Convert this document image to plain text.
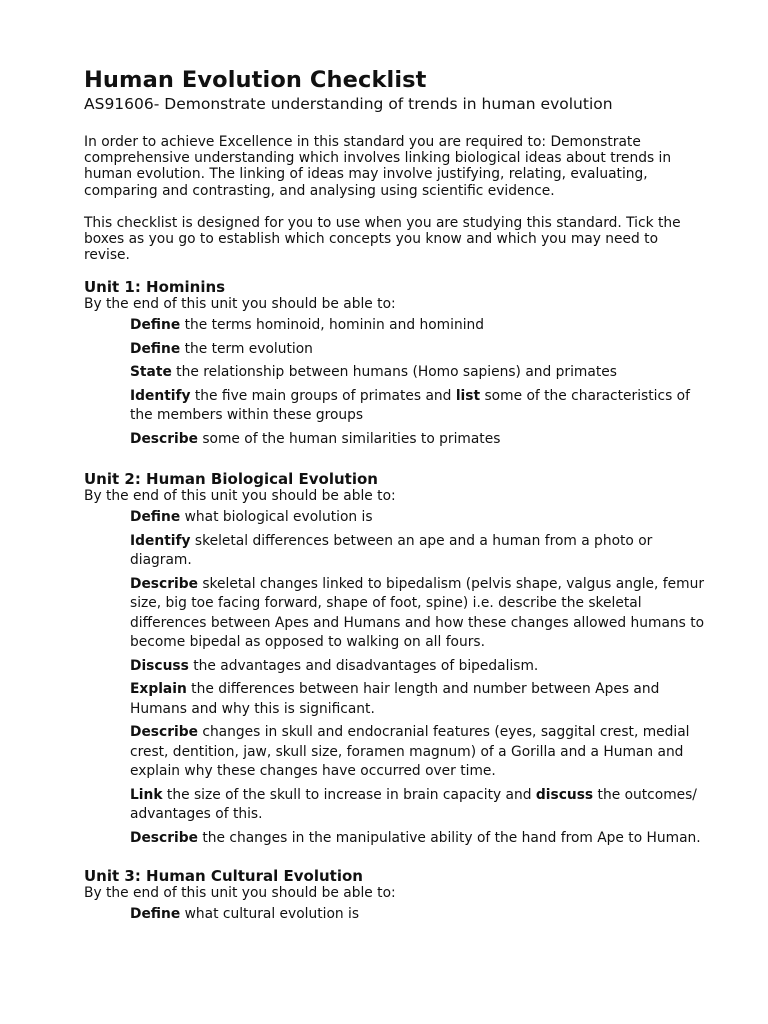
Human Evolution Checklist

AS91606- Demonstrate understanding of trends in human evolution

In order to achieve Excellence in this standard you are required to: Demonstrate comprehensive understanding which involves linking biological ideas about trends in human evolution. The linking of ideas may involve justifying, relating, evaluating, comparing and contrasting, and analysing using scientific evidence.

This checklist is designed for you to use when you are studying this standard. Tick the boxes as you go to establish which concepts you know and which you may need to revise.

Unit 1: Hominins

By the end of this unit you should be able to:

Define the terms hominoid, hominin and hominind
Define the term evolution
State the relationship between humans (Homo sapiens) and primates
Identify the five main groups of primates and list some of the characteristics of the members within these groups
Describe some of the human similarities to primates
Unit 2: Human Biological Evolution

By the end of this unit you should be able to:

Define what biological evolution is
Identify skeletal differences between an ape and a human from a photo or diagram.
Describe skeletal changes linked to bipedalism (pelvis shape, valgus angle, femur size, big toe facing forward, shape of foot, spine) i.e. describe the skeletal differences between Apes and Humans and how these changes allowed humans to become bipedal as opposed to walking on all fours.
Discuss the advantages and disadvantages of bipedalism.
Explain the differences between hair length and number between Apes and Humans and why this is significant.
Describe changes in skull and endocranial features (eyes, saggital crest, medial crest, dentition, jaw, skull size, foramen magnum) of a Gorilla and a Human and explain why these changes have occurred over time.
Link the size of the skull to increase in brain capacity and discuss the outcomes/ advantages of this.
Describe the changes in the manipulative ability of the hand from Ape to Human.
Unit 3: Human Cultural Evolution

By the end of this unit you should be able to:

Define what cultural evolution is
